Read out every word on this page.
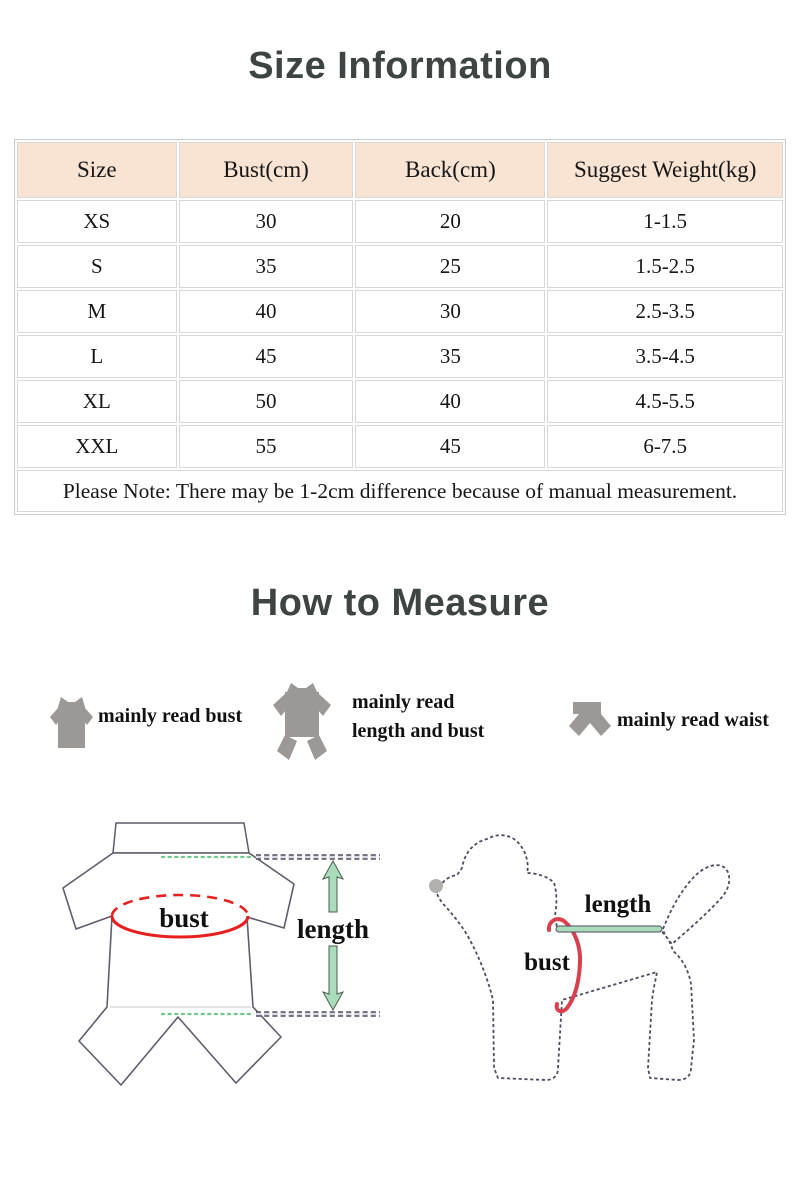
Size Information
Size	Bust(cm)	Back(cm)	Suggest Weight(kg)
XS	30	20	1-1.5
S	35	25	1.5-2.5
M	40	30	2.5-3.5
L	45	35	3.5-4.5
XL	50	40	4.5-5.5
XXL	55	45	6-7.5
Please Note: There may be 1-2cm difference because of manual measurement.			
How to Measure
mainly read bust
mainly read
length and bust	mainly read waist
bust	length
length
bust
